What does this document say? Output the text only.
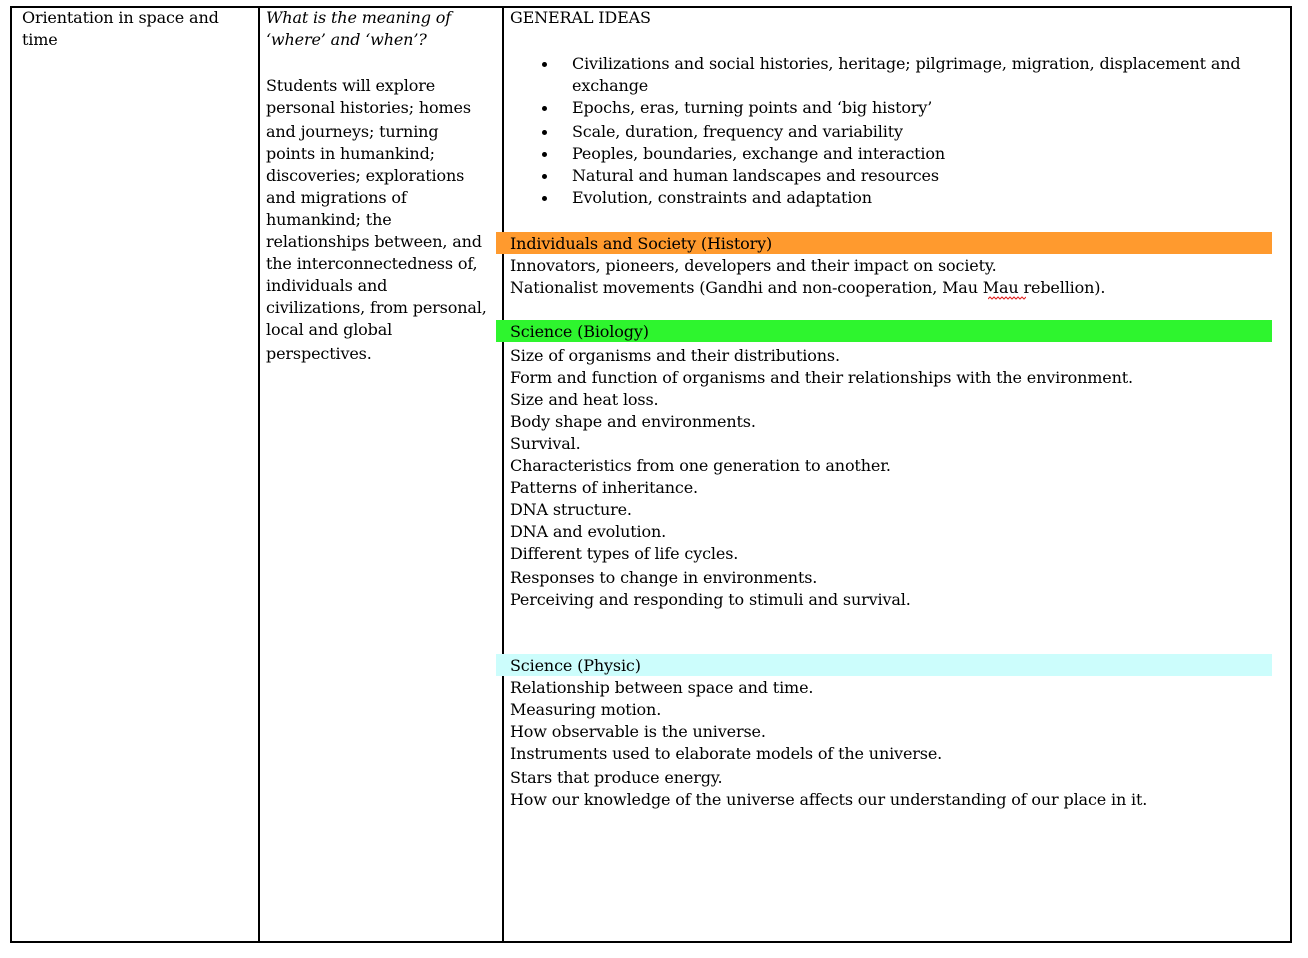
Orientation in space and
time
What is the meaning of
‘where’ and ‘when’?
Students will explore
personal histories; homes
and journeys; turning
points in humankind;
discoveries; explorations
and migrations of
humankind; the
relationships between, and
the interconnectedness of,
individuals and
civilizations, from personal,
local and global
perspectives.
GENERAL IDEAS
Civilizations and social histories, heritage; pilgrimage, migration, displacement and
exchange
Epochs, eras, turning points and ‘big history’
Scale, duration, frequency and variability
Peoples, boundaries, exchange and interaction
Natural and human landscapes and resources
Evolution, constraints and adaptation
Individuals and Society (History)
Innovators, pioneers, developers and their impact on society.
Nationalist movements (Gandhi and non-cooperation, Mau Mau rebellion).
Science (Biology)
Size of organisms and their distributions.
Form and function of organisms and their relationships with the environment.
Size and heat loss.
Body shape and environments.
Survival.
Characteristics from one generation to another.
Patterns of inheritance.
DNA structure.
DNA and evolution.
Different types of life cycles.
Responses to change in environments.
Perceiving and responding to stimuli and survival.
Science (Physic)
Relationship between space and time.
Measuring motion.
How observable is the universe.
Instruments used to elaborate models of the universe.
Stars that produce energy.
How our knowledge of the universe affects our understanding of our place in it.
